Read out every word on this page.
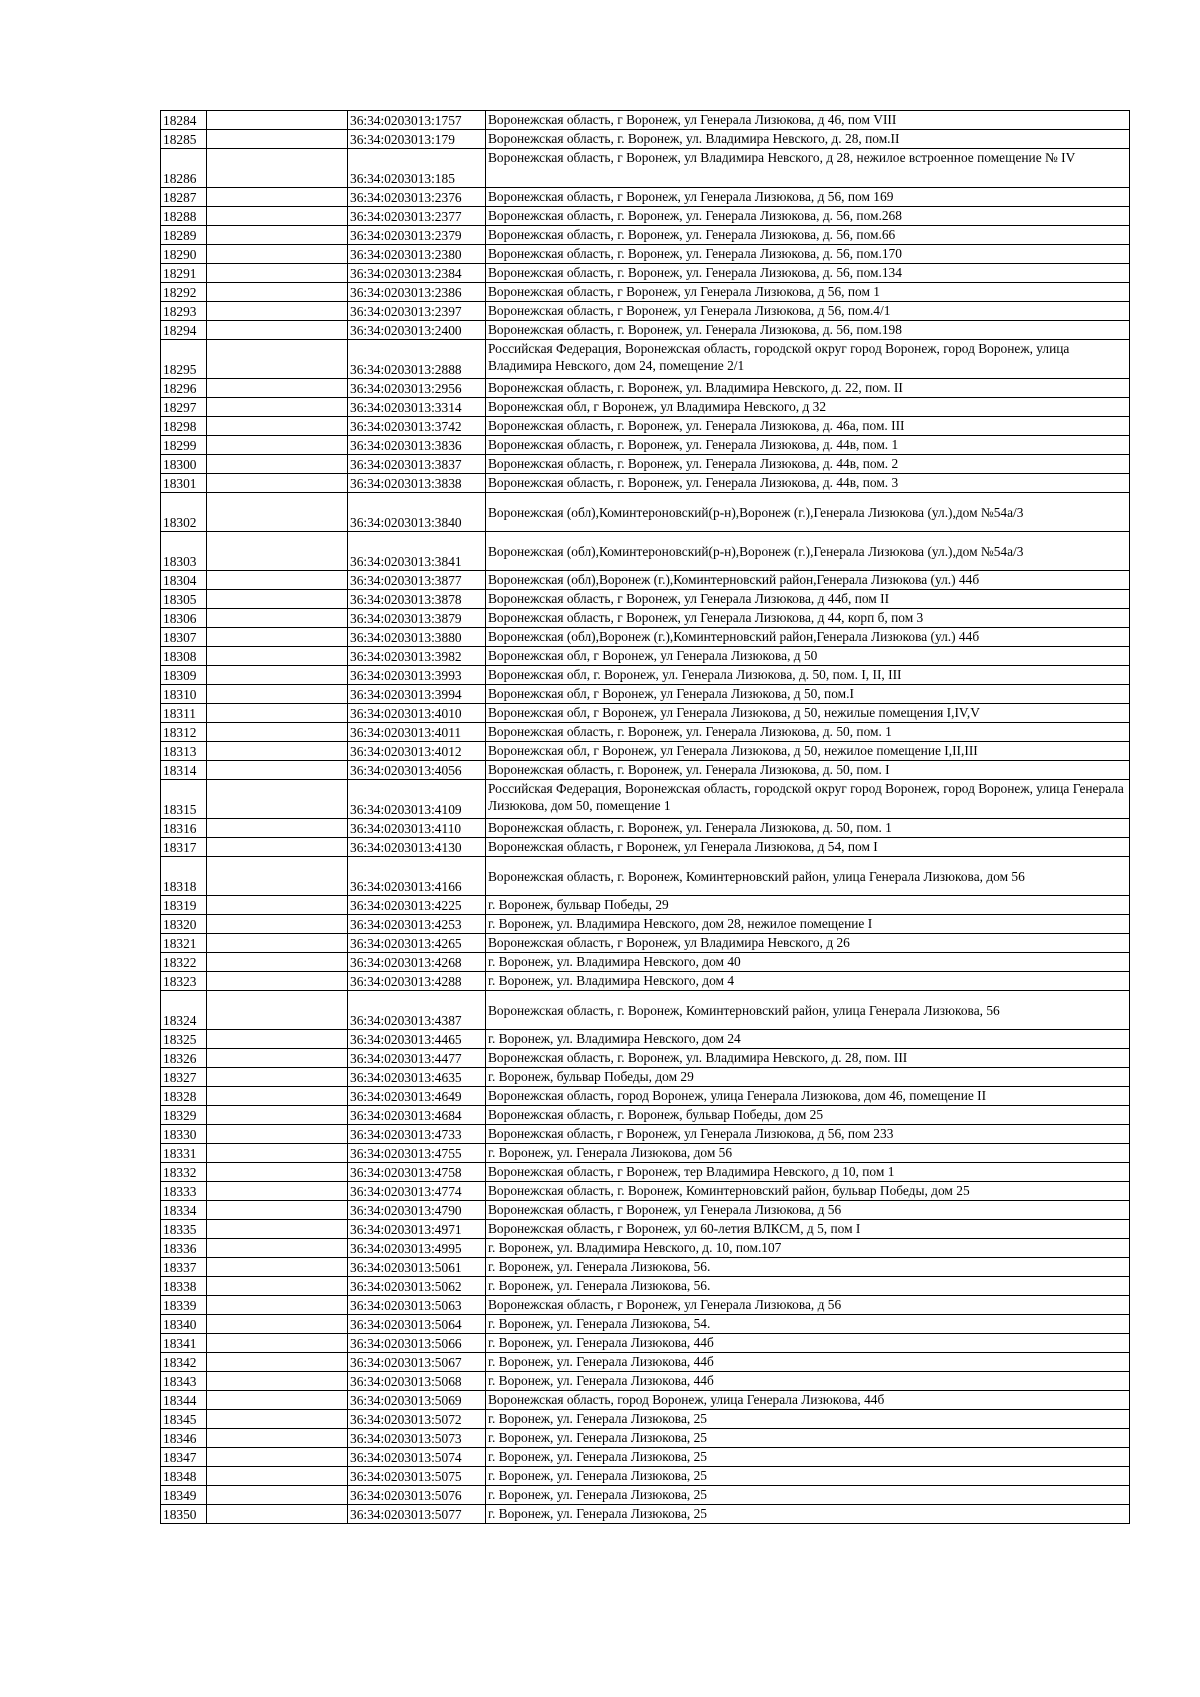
18284		36:34:0203013:1757	Воронежская область, г Воронеж, ул Генерала Лизюкова, д 46, пом VIII
18285		36:34:0203013:179	Воронежская область, г. Воронеж, ул. Владимира Невского, д. 28, пом.II
18286		36:34:0203013:185	Воронежская область, г Воронеж, ул Владимира Невского, д 28, нежилое встроенное помещение № IV
18287		36:34:0203013:2376	Воронежская область, г Воронеж, ул Генерала Лизюкова, д 56, пом 169
18288		36:34:0203013:2377	Воронежская область, г. Воронеж, ул. Генерала Лизюкова, д. 56, пом.268
18289		36:34:0203013:2379	Воронежская область, г. Воронеж, ул. Генерала Лизюкова, д. 56, пом.66
18290		36:34:0203013:2380	Воронежская область, г. Воронеж, ул. Генерала Лизюкова, д. 56, пом.170
18291		36:34:0203013:2384	Воронежская область, г. Воронеж, ул. Генерала Лизюкова, д. 56, пом.134
18292		36:34:0203013:2386	Воронежская область, г Воронеж, ул Генерала Лизюкова, д 56, пом 1
18293		36:34:0203013:2397	Воронежская область, г Воронеж, ул Генерала Лизюкова, д 56, пом.4/1
18294		36:34:0203013:2400	Воронежская область, г. Воронеж, ул. Генерала Лизюкова, д. 56, пом.198
18295		36:34:0203013:2888	Российская Федерация, Воронежская область, городской округ город Воронеж, город Воронеж, улица Владимира Невского, дом 24, помещение 2/1
18296		36:34:0203013:2956	Воронежская область, г. Воронеж, ул. Владимира Невского, д. 22, пом. II
18297		36:34:0203013:3314	Воронежская обл, г Воронеж, ул Владимира Невского, д 32
18298		36:34:0203013:3742	Воронежская область, г. Воронеж, ул. Генерала Лизюкова, д. 46а, пом. III
18299		36:34:0203013:3836	Воронежская область, г. Воронеж, ул. Генерала Лизюкова, д. 44в, пом. 1
18300		36:34:0203013:3837	Воронежская область, г. Воронеж, ул. Генерала Лизюкова, д. 44в, пом. 2
18301		36:34:0203013:3838	Воронежская область, г. Воронеж, ул. Генерала Лизюкова, д. 44в, пом. 3
18302		36:34:0203013:3840	Воронежская (обл),Коминтероновский(р-н),Воронеж (г.),Генерала Лизюкова (ул.),дом №54а/3
18303		36:34:0203013:3841	Воронежская (обл),Коминтероновский(р-н),Воронеж (г.),Генерала Лизюкова (ул.),дом №54а/3
18304		36:34:0203013:3877	Воронежская (обл),Воронеж (г.),Коминтерновский район,Генерала Лизюкова (ул.) 44б
18305		36:34:0203013:3878	Воронежская область, г Воронеж, ул Генерала Лизюкова, д 44б, пом II
18306		36:34:0203013:3879	Воронежская область, г Воронеж, ул Генерала Лизюкова, д 44, корп б, пом 3
18307		36:34:0203013:3880	Воронежская (обл),Воронеж (г.),Коминтерновский район,Генерала Лизюкова (ул.) 44б
18308		36:34:0203013:3982	Воронежская обл, г Воронеж, ул Генерала Лизюкова, д 50
18309		36:34:0203013:3993	Воронежская обл, г. Воронеж, ул. Генерала Лизюкова, д. 50, пом. I, II, III
18310		36:34:0203013:3994	Воронежская обл, г Воронеж, ул Генерала Лизюкова, д 50, пом.I
18311		36:34:0203013:4010	Воронежская обл, г Воронеж, ул Генерала Лизюкова, д 50, нежилые помещения I,IV,V
18312		36:34:0203013:4011	Воронежская область, г. Воронеж, ул. Генерала Лизюкова, д. 50, пом. 1
18313		36:34:0203013:4012	Воронежская обл, г Воронеж, ул Генерала Лизюкова, д 50, нежилое помещение I,II,III
18314		36:34:0203013:4056	Воронежская область, г. Воронеж, ул. Генерала Лизюкова, д. 50, пом. I
18315		36:34:0203013:4109	Российская Федерация, Воронежская область, городской округ город Воронеж, город Воронеж, улица Генерала Лизюкова, дом 50, помещение 1
18316		36:34:0203013:4110	Воронежская область, г. Воронеж, ул. Генерала Лизюкова, д. 50, пом. 1
18317		36:34:0203013:4130	Воронежская область, г Воронеж, ул Генерала Лизюкова, д 54, пом I
18318		36:34:0203013:4166	Воронежская область, г. Воронеж, Коминтерновский район, улица Генерала Лизюкова, дом 56
18319		36:34:0203013:4225	г. Воронеж, бульвар Победы, 29
18320		36:34:0203013:4253	г. Воронеж, ул. Владимира Невского, дом 28, нежилое помещение I
18321		36:34:0203013:4265	Воронежская область, г Воронеж, ул Владимира Невского, д 26
18322		36:34:0203013:4268	г. Воронеж, ул. Владимира Невского, дом 40
18323		36:34:0203013:4288	г. Воронеж, ул. Владимира Невского, дом 4
18324		36:34:0203013:4387	Воронежская область, г. Воронеж, Коминтерновский район, улица Генерала Лизюкова, 56
18325		36:34:0203013:4465	г. Воронеж, ул. Владимира Невского, дом 24
18326		36:34:0203013:4477	Воронежская область, г. Воронеж, ул. Владимира Невского, д. 28, пом. III
18327		36:34:0203013:4635	г. Воронеж, бульвар Победы, дом 29
18328		36:34:0203013:4649	Воронежская область, город Воронеж, улица Генерала Лизюкова, дом 46, помещение II
18329		36:34:0203013:4684	Воронежская область, г. Воронеж, бульвар Победы, дом 25
18330		36:34:0203013:4733	Воронежская область, г Воронеж, ул Генерала Лизюкова, д 56, пом 233
18331		36:34:0203013:4755	г. Воронеж, ул. Генерала Лизюкова, дом 56
18332		36:34:0203013:4758	Воронежская область, г Воронеж, тер Владимира Невского, д 10, пом 1
18333		36:34:0203013:4774	Воронежская область, г. Воронеж, Коминтерновский район, бульвар Победы, дом 25
18334		36:34:0203013:4790	Воронежская область, г Воронеж, ул Генерала Лизюкова, д 56
18335		36:34:0203013:4971	Воронежская область, г Воронеж, ул 60-летия ВЛКСМ, д 5, пом I
18336		36:34:0203013:4995	г. Воронеж, ул. Владимира Невского, д. 10, пом.107
18337		36:34:0203013:5061	г. Воронеж, ул. Генерала Лизюкова, 56.
18338		36:34:0203013:5062	г. Воронеж, ул. Генерала Лизюкова, 56.
18339		36:34:0203013:5063	Воронежская область, г Воронеж, ул Генерала Лизюкова, д 56
18340		36:34:0203013:5064	г. Воронеж, ул. Генерала Лизюкова, 54.
18341		36:34:0203013:5066	г. Воронеж, ул. Генерала Лизюкова, 44б
18342		36:34:0203013:5067	г. Воронеж, ул. Генерала Лизюкова, 44б
18343		36:34:0203013:5068	г. Воронеж, ул. Генерала Лизюкова, 44б
18344		36:34:0203013:5069	Воронежская область, город Воронеж, улица Генерала Лизюкова, 44б
18345		36:34:0203013:5072	г. Воронеж, ул. Генерала Лизюкова, 25
18346		36:34:0203013:5073	г. Воронеж, ул. Генерала Лизюкова, 25
18347		36:34:0203013:5074	г. Воронеж, ул. Генерала Лизюкова, 25
18348		36:34:0203013:5075	г. Воронеж, ул. Генерала Лизюкова, 25
18349		36:34:0203013:5076	г. Воронеж, ул. Генерала Лизюкова, 25
18350		36:34:0203013:5077	г. Воронеж, ул. Генерала Лизюкова, 25
